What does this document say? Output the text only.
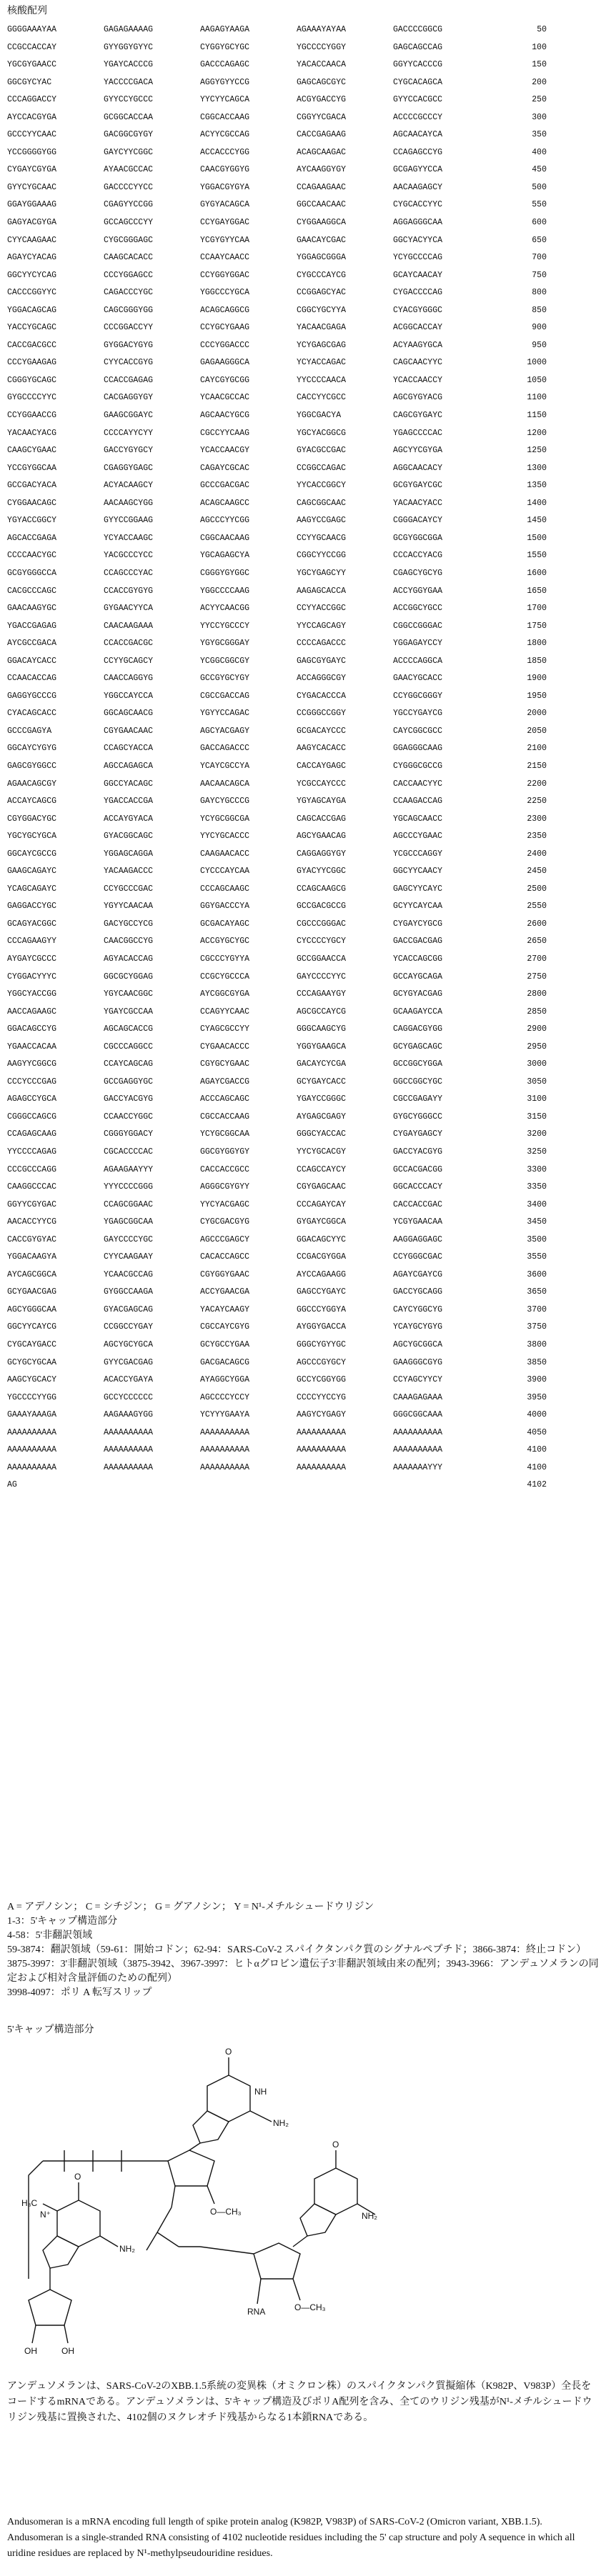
核酸配列
GGGGAAAYAA	GAGAGAAAAG	AAGAGYAAGA	AGAAAYAYAA	GACCCCGGCG	50
CCGCCACCAY	GYYGGYGYYC	CYGGYGCYGC	YGCCCCYGGY	GAGCAGCCAG	100
YGCGYGAACC	YGAYCACCCG	GACCCAGAGC	YACACCAACA	GGYYCACCCG	150
GGCGYCYAC	YACCCCGACA	AGGYGYYCCG	GAGCAGCGYC	CYGCACAGCA	200
CCCAGGACCY	GYYCCYGCCC	YYCYYCAGCA	ACGYGACCYG	GYYCCACGCC	250
AYCCACGYGA	GCGGCACCAA	CGGCACCAAG	CGGYYCGACA	ACCCCGCCCY	300
GCCCYYCAAC	GACGGCGYGY	ACYYCGCCAG	CACCGAGAAG	AGCAACAYCA	350
YCCGGGGYGG	GAYCYYCGGC	ACCACCCYGG	ACAGCAAGAC	CCAGAGCCYG	400
CYGAYCGYGA	AYAACGCCAC	CAACGYGGYG	AYCAAGGYGY	GCGAGYYCCA	450
GYYCYGCAAC	GACCCCYYCC	YGGACGYGYA	CCAGAAGAAC	AACAAGAGCY	500
GGAYGGAAAG	CGAGYYCCGG	GYGYACAGCA	GGCCAACAAC	CYGCACCYYC	550
GAGYACGYGA	GCCAGCCCYY	CCYGAYGGAC	CYGGAAGGCA	AGGAGGGCAA	600
CYYCAAGAAC	CYGCGGGAGC	YCGYGYYCAA	GAACAYCGAC	GGCYACYYCA	650
AGAYCYACAG	CAAGCACACC	CCAAYCAACC	YGGAGCGGGA	YCYGCCCCAG	700
GGCYYCYCAG	CCCYGGAGCC	CCYGGYGGAC	CYGCCCAYCG	GCAYCAACAY	750
CACCCGGYYC	CAGACCCYGC	YGGCCCYGCA	CCGGAGCYAC	CYGACCCCAG	800
YGGACAGCAG	CAGCGGGYGG	ACAGCAGGCG	CGGCYGCYYA	CYACGYGGGC	850
YACCYGCAGC	CCCGGACCYY	CCYGCYGAAG	YACAACGAGA	ACGGCACCAY	900
CACCGACGCC	GYGGACYGYG	CCCYGGACCC	YCYGAGCGAG	ACYAAGYGCA	950
CCCYGAAGAG	CYYCACCGYG	GAGAAGGGCA	YCYACCAGAC	CAGCAACYYC	1000
CGGGYGCAGC	CCACCGAGAG	CAYCGYGCGG	YYCCCCAACA	YCACCAACCY	1050
GYGCCCCYYC	CACGAGGYGY	YCAACGCCAC	CACCYYCGCC	AGCGYGYACG	1100
CCYGGAACCG	GAAGCGGAYC	AGCAACYGCG	YGGCGACYA	CAGCGYGAYC	1150
YACAACYACG	CCCCAYYCYY	CGCCYYCAAG	YGCYACGGCG	YGAGCCCCAC	1200
CAAGCYGAAC	GACCYGYGCY	YCACCAACGY	GYACGCCGAC	AGCYYCGYGA	1250
YCCGYGGCAA	CGAGGYGAGC	CAGAYCGCAC	CCGGCCAGAC	AGGCAACACY	1300
GCCGACYACA	ACYACAAGCY	GCCCGACGAC	YYCACCGGCY	GCGYGAYCGC	1350
CYGGAACAGC	AACAAGCYGG	ACAGCAAGCC	CAGCGGCAAC	YACAACYACC	1400
YGYACCGGCY	GYYCCGGAAG	AGCCCYYCGG	AAGYCCGAGC	CGGGACAYCY	1450
AGCACCGAGA	YCYACCAAGC	CGGCAACAAG	CCYYGCAACG	GCGYGGCGGA	1500
CCCCAACYGC	YACGCCCYCC	YGCAGAGCYA	CGGCYYCCGG	CCCACCYACG	1550
GCGYGGGCCA	CCAGCCCYAC	CGGGYGYGGC	YGCYGAGCYY	CGAGCYGCYG	1600
CACGCCCAGC	CCACCGYGYG	YGGCCCCAAG	AAGAGCACCA	ACCYGGYGAA	1650
GAACAAGYGC	GYGAACYYCA	ACYYCAACGG	CCYYACCGGC	ACCGGCYGCC	1700
YGACCGAGAG	CAACAAGAAA	YYCCYGCCCY	YYCCAGCAGY	CGGCCGGGAC	1750
AYCGCCGACA	CCACCGACGC	YGYGCGGGAY	CCCCAGACCC	YGGAGAYCCY	1800
GGACAYCACC	CCYYGCAGCY	YCGGCGGCGY	GAGCGYGAYC	ACCCCAGGCA	1850
CCAACACCAG	CAACCAGGYG	GCCGYGCYGY	ACCAGGGCGY	GAACYGCACC	1900
GAGGYGCCCG	YGGCCAYCCA	CGCCGACCAG	CYGACACCCA	CCYGGCGGGY	1950
CYACAGCACC	GGCAGCAACG	YGYYCCAGAC	CCGGGCCGGY	YGCCYGAYCG	2000
GCCCGAGYA	CGYGAACAAC	AGCYACGAGY	GCGACAYCCC	CAYCGGCGCC	2050
GGCAYCYGYG	CCAGCYACCA	GACCAGACCC	AAGYCACACC	GGAGGGCAAG	2100
GAGCGYGGCC	AGCCAGAGCA	YCAYCGCCYA	CACCAYGAGC	CYGGGCGCCG	2150
AGAACAGCGY	GGCCYACAGC	AACAACAGCA	YCGCCAYCCC	CACCAACYYC	2200
ACCAYCAGCG	YGACCACCGA	GAYCYGCCCG	YGYAGCAYGA	CCAAGACCAG	2250
CGYGGACYGC	ACCAYGYACA	YCYGCGGCGA	CAGCACCGAG	YGCAGCAACC	2300
YGCYGCYGCA	GYACGGCAGC	YYCYGCACCC	AGCYGAACAG	AGCCCYGAAC	2350
GGCAYCGCCG	YGGAGCAGGA	CAAGAACACC	CAGGAGGYGY	YCGCCCAGGY	2400
GAAGCAGAYC	YACAAGACCC	CYCCCAYCAA	GYACYYCGGC	GGCYYCAACY	2450
YCAGCAGAYC	CCYGCCCGAC	CCCAGCAAGC	CCAGCAAGCG	GAGCYYCAYC	2500
GAGGACCYGC	YGYYCAACAA	GGYGACCCYA	GCCGACGCCG	GCYYCAYCAA	2550
GCAGYACGGC	GACYGCCYCG	GCGACAYAGC	CGCCCGGGAC	CYGAYCYGCG	2600
CCCAGAAGYY	CAACGGCCYG	ACCGYGCYGC	CYCCCCYGCY	GACCGACGAG	2650
AYGAYCGCCC	AGYACACCAG	CGCCCYGYYA	GCCGGAACCA	YCACCAGCGG	2700
CYGGACYYYC	GGCGCYGGAG	CCGCYGCCCA	GAYCCCCYYC	GCCAYGCAGA	2750
YGGCYACCGG	YGYCAACGGC	AYCGGCGYGA	CCCAGAAYGY	GCYGYACGAG	2800
AACCAGAAGC	YGAYCGCCAA	CCAGYYCAAC	AGCGCCAYCG	GCAAGAYCCA	2850
GGACAGCCYG	AGCAGCACCG	CYAGCGCCYY	GGGCAAGCYG	CAGGACGYGG	2900
YGAACCACAA	CGCCCAGGCC	CYGAACACCC	YGGYGAAGCA	GCYGAGCAGC	2950
AAGYYCGGCG	CCAYCAGCAG	CGYGCYGAAC	GACAYCYCGA	GCCGGCYGGA	3000
CCCYCCCGAG	GCCGAGGYGC	AGAYCGACCG	GCYGAYCACC	GGCCGGCYGC	3050
AGAGCCYGCA	GACCYACGYG	ACCCAGCAGC	YGAYCCGGGC	CGCCGAGAYY	3100
CGGGCCAGCG	CCAACCYGGC	CGCCACCAAG	AYGAGCGAGY	GYGCYGGGCC	3150
CCAGAGCAAG	CGGGYGGACY	YCYGCGGCAA	GGGCYACCAC	CYGAYGAGCY	3200
YYCCCCAGAG	CGCACCCCAC	GGCGYGGYGY	YYCYGCACGY	GACCYACGYG	3250
CCCGCCCAGG	AGAAGAAYYY	CACCACCGCC	CCAGCCAYCY	GCCACGACGG	3300
CAAGGCCCAC	YYYCCCCGGG	AGGGCGYGYY	CGYGAGCAAC	GGCACCCACY	3350
GGYYCGYGAC	CCAGCGGAAC	YYCYACGAGC	CCCAGAYCAY	CACCACCGAC	3400
AACACCYYCG	YGAGCGGCAA	CYGCGACGYG	GYGAYCGGCA	YCGYGAACAA	3450
CACCGYGYAC	GAYCCCCYGC	AGCCCGAGCY	GGACAGCYYC	AAGGAGGAGC	3500
YGGACAAGYA	CYYCAAGAAY	CACACCAGCC	CCGACGYGGA	CCYGGGCGAC	3550
AYCAGCGGCA	YCAACGCCAG	CGYGGYGAAC	AYCCAGAAGG	AGAYCGAYCG	3600
GCYGAACGAG	GYGGCCAAGA	ACCYGAACGA	GAGCCYGAYC	GACCYGCAGG	3650
AGCYGGGCAA	GYACGAGCAG	YACAYCAAGY	GGCCCYGGYA	CAYCYGGCYG	3700
GGCYYCAYCG	CCGGCCYGAY	CGCCAYCGYG	AYGGYGACCA	YCAYGCYGYG	3750
CYGCAYGACC	AGCYGCYGCA	GCYGCCYGAA	GGGCYGYYGC	AGCYGCGGCA	3800
GCYGCYGCAA	GYYCGACGAG	GACGACAGCG	AGCCCGYGCY	GAAGGGCGYG	3850
AAGCYGCACY	ACACCYGAYA	AYAGGCYGGA	GCCYCGGYGG	CCYAGCYYCY	3900
YGCCCCYYGG	GCCYCCCCCC	AGCCCCYCCY	CCCCYYCCYG	CAAAGAGAAA	3950
GAAAYAAAGA	AAGAAAGYGG	YCYYYGAAYA	AAGYCYGAGY	GGGCGGCAAA	4000
AAAAAAAAAA	AAAAAAAAAA	AAAAAAAAAA	AAAAAAAAAA	AAAAAAAAAA	4050
AAAAAAAAAA	AAAAAAAAAA	AAAAAAAAAA	AAAAAAAAAA	AAAAAAAAAA	4100
AAAAAAAAAA	AAAAAAAAAA	AAAAAAAAAA	AAAAAAAAAA	AAAAAAAYYY	4100
AG	4102
A = アデノシン； C = シチジン； G = グアノシン； Y = N¹-メチルシュードウリジン
1-3：5'キャップ構造部分
4-58：5'非翻訳領域
59-3874：翻訳領域（59-61：開始コドン；62-94：SARS-CoV-2 スパイクタンパク質のシグナルペプチド；3866-3874：終止コドン）
3875-3997：3'非翻訳領域（3875-3942、3967-3997：ヒトαグロビン遺伝子3'非翻訳領域由来の配列；3943-3966：アンデュソメランの同定および相対含量評価のための配列）
3998-4097：ポリ A 転写スリップ
5'キャップ構造部分
O
NH₂
NH
O
NH₂
NH₂
O
H₃C
N⁺
OH	OH
O—CH₃
RNA
O—CH₃
アンデュソメランは、SARS-CoV-2のXBB.1.5系統の変異株（オミクロン株）のスパイクタンパク質擬縮体（K982P、V983P）全長をコードするmRNAである。アンデュソメランは、5'キャップ構造及びポリA配列を含み、全てのウリジン残基がN¹-メチルシュードウリジン残基に置換された、4102個のヌクレオチド残基からなる1本鎖RNAである。
Andusomeran is a mRNA encoding full length of spike protein analog (K982P, V983P) of SARS-CoV-2 (Omicron variant, XBB.1.5). Andusomeran is a single-stranded RNA consisting of 4102 nucleotide residues including the 5' cap structure and poly A sequence in which all uridine residues are replaced by N¹-methylpseudouridine residues.
